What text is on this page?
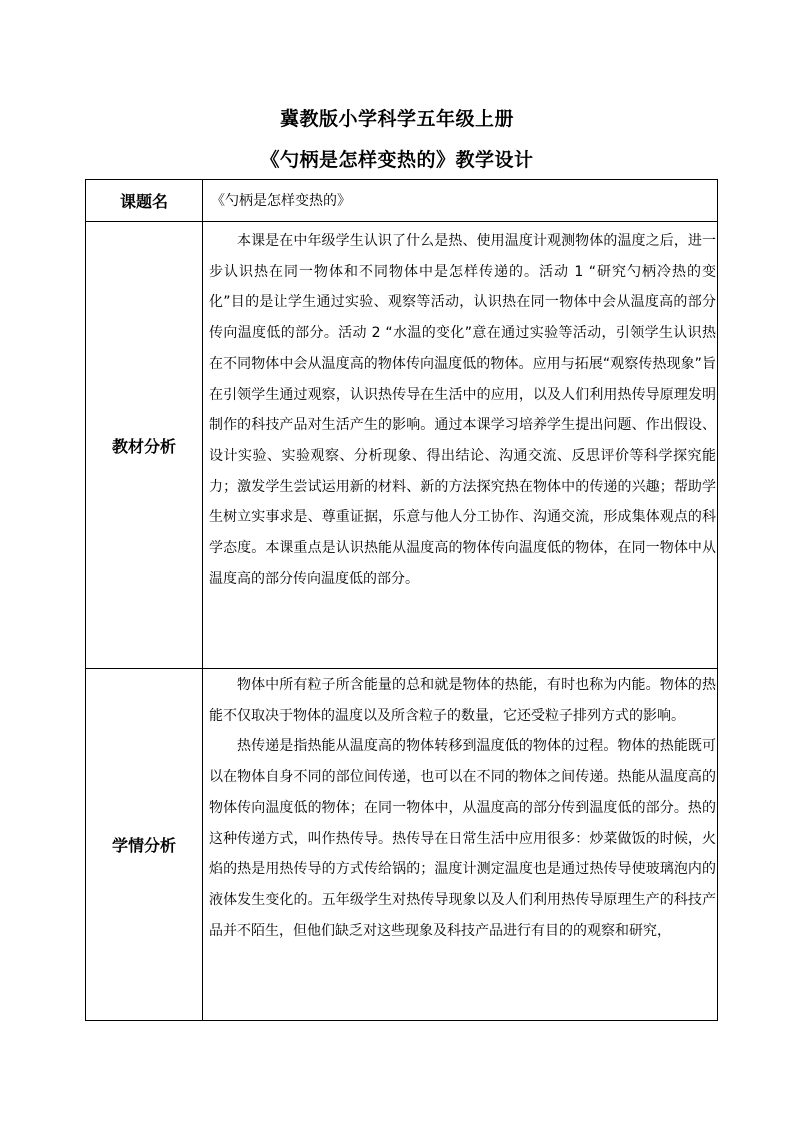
冀教版小学科学五年级上册
《勺柄是怎样变热的》教学设计
课题名	《勺柄是怎样变热的》
教材分析	本课是在中年级学生认识了什么是热、使用温度计观测物体的温度之后，进一步认识热在同一物体和不同物体中是怎样传递的。活动 1 “研究勺柄冷热的变化”目的是让学生通过实验、观察等活动，认识热在同一物体中会从温度高的部分传向温度低的部分。活动 2 “水温的变化”意在通过实验等活动，引领学生认识热在不同物体中会从温度高的物体传向温度低的物体。应用与拓展“观察传热现象”旨在引领学生通过观察，认识热传导在生活中的应用，以及人们利用热传导原理发明制作的科技产品对生活产生的影响。通过本课学习培养学生提出问题、作出假设、设计实验、实验观察、分析现象、得出结论、沟通交流、反思评价等科学探究能力；激发学生尝试运用新的材料、新的方法探究热在物体中的传递的兴趣；帮助学生树立实事求是、尊重证据，乐意与他人分工协作、沟通交流，形成集体观点的科学态度。本课重点是认识热能从温度高的物体传向温度低的物体，在同一物体中从温度高的部分传向温度低的部分。

学情分析	物体中所有粒子所含能量的总和就是物体的热能，有时也称为内能。物体的热能不仅取决于物体的温度以及所含粒子的数量，它还受粒子排列方式的影响。

热传递是指热能从温度高的物体转移到温度低的物体的过程。物体的热能既可以在物体自身不同的部位间传递，也可以在不同的物体之间传递。热能从温度高的物体传向温度低的物体；在同一物体中，从温度高的部分传到温度低的部分。热的这种传递方式，叫作热传导。热传导在日常生活中应用很多：炒菜做饭的时候，火焰的热是用热传导的方式传给锅的；温度计测定温度也是通过热传导使玻璃泡内的液体发生变化的。五年级学生对热传导现象以及人们利用热传导原理生产的科技产品并不陌生，但他们缺乏对这些现象及科技产品进行有目的的观察和研究，
